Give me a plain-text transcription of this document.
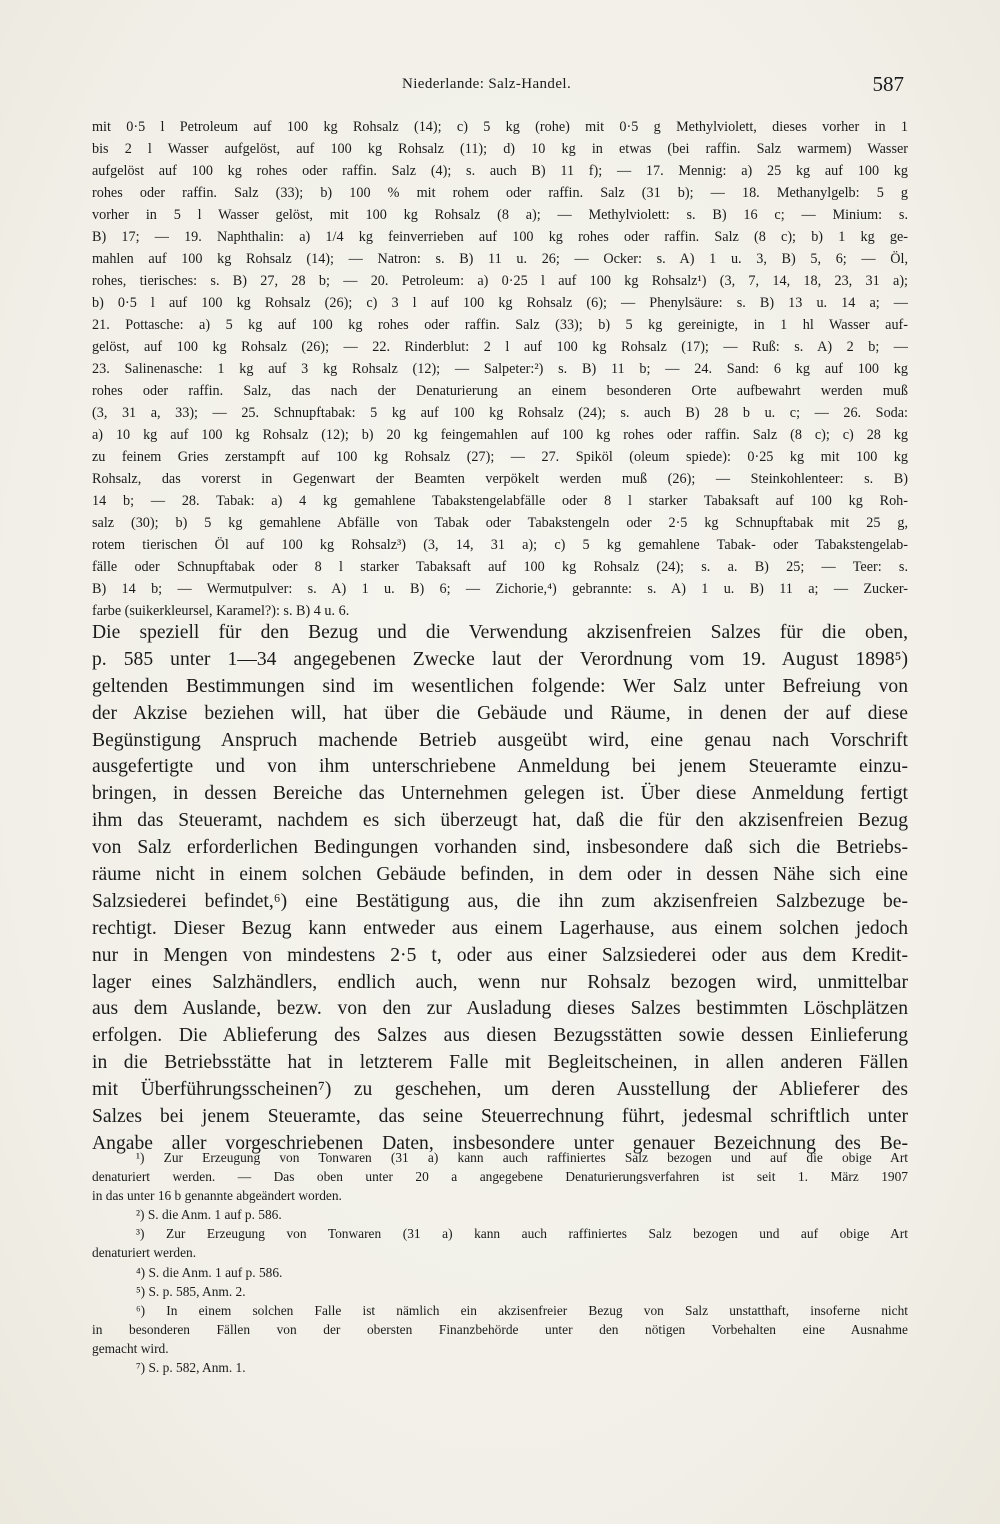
Niederlande: Salz-Handel.	587
mit 0·5 l Petroleum auf 100 kg Rohsalz (14); c) 5 kg (rohe) mit 0·5 g Methylviolett, dieses vorher in 1
bis 2 l Wasser aufgelöst, auf 100 kg Rohsalz (11); d) 10 kg in etwas (bei raffin. Salz warmem) Wasser
aufgelöst auf 100 kg rohes oder raffin. Salz (4); s. auch B) 11 f); — 17. Mennig: a) 25 kg auf 100 kg
rohes oder raffin. Salz (33); b) 100 % mit rohem oder raffin. Salz (31 b); — 18. Methanylgelb: 5 g
vorher in 5 l Wasser gelöst, mit 100 kg Rohsalz (8 a); — Methylviolett: s. B) 16 c; — Minium: s.
B) 17; — 19. Naphthalin: a) 1/4 kg feinverrieben auf 100 kg rohes oder raffin. Salz (8 c); b) 1 kg ge-
mahlen auf 100 kg Rohsalz (14); — Natron: s. B) 11 u. 26; — Ocker: s. A) 1 u. 3, B) 5, 6; — Öl,
rohes, tierisches: s. B) 27, 28 b; — 20. Petroleum: a) 0·25 l auf 100 kg Rohsalz¹) (3, 7, 14, 18, 23, 31 a);
b) 0·5 l auf 100 kg Rohsalz (26); c) 3 l auf 100 kg Rohsalz (6); — Phenylsäure: s. B) 13 u. 14 a; —
21. Pottasche: a) 5 kg auf 100 kg rohes oder raffin. Salz (33); b) 5 kg gereinigte, in 1 hl Wasser auf-
gelöst, auf 100 kg Rohsalz (26); — 22. Rinderblut: 2 l auf 100 kg Rohsalz (17); — Ruß: s. A) 2 b; —
23. Salinenasche: 1 kg auf 3 kg Rohsalz (12); — Salpeter:²) s. B) 11 b; — 24. Sand: 6 kg auf 100 kg
rohes oder raffin. Salz, das nach der Denaturierung an einem besonderen Orte aufbewahrt werden muß
(3, 31 a, 33); — 25. Schnupftabak: 5 kg auf 100 kg Rohsalz (24); s. auch B) 28 b u. c; — 26. Soda:
a) 10 kg auf 100 kg Rohsalz (12); b) 20 kg feingemahlen auf 100 kg rohes oder raffin. Salz (8 c); c) 28 kg
zu feinem Gries zerstampft auf 100 kg Rohsalz (27); — 27. Spiköl (oleum spiede): 0·25 kg mit 100 kg
Rohsalz, das vorerst in Gegenwart der Beamten verpökelt werden muß (26); — Steinkohlenteer: s. B)
14 b; — 28. Tabak: a) 4 kg gemahlene Tabakstengelabfälle oder 8 l starker Tabaksaft auf 100 kg Roh-
salz (30); b) 5 kg gemahlene Abfälle von Tabak oder Tabakstengeln oder 2·5 kg Schnupftabak mit 25 g,
rotem tierischen Öl auf 100 kg Rohsalz³) (3, 14, 31 a); c) 5 kg gemahlene Tabak- oder Tabakstengelab-
fälle oder Schnupftabak oder 8 l starker Tabaksaft auf 100 kg Rohsalz (24); s. a. B) 25; — Teer: s.
B) 14 b; — Wermutpulver: s. A) 1 u. B) 6; — Zichorie,⁴) gebrannte: s. A) 1 u. B) 11 a; — Zucker-
farbe (suikerkleursel, Karamel?): s. B) 4 u. 6.
Die speziell für den Bezug und die Verwendung akzisenfreien Salzes für die oben,
p. 585 unter 1—34 angegebenen Zwecke laut der Verordnung vom 19. August 1898⁵)
geltenden Bestimmungen sind im wesentlichen folgende: Wer Salz unter Befreiung von
der Akzise beziehen will, hat über die Gebäude und Räume, in denen der auf diese
Begünstigung Anspruch machende Betrieb ausgeübt wird, eine genau nach Vorschrift
ausgefertigte und von ihm unterschriebene Anmeldung bei jenem Steueramte einzu-
bringen, in dessen Bereiche das Unternehmen gelegen ist. Über diese Anmeldung fertigt
ihm das Steueramt, nachdem es sich überzeugt hat, daß die für den akzisenfreien Bezug
von Salz erforderlichen Bedingungen vorhanden sind, insbesondere daß sich die Betriebs-
räume nicht in einem solchen Gebäude befinden, in dem oder in dessen Nähe sich eine
Salzsiederei befindet,⁶) eine Bestätigung aus, die ihn zum akzisenfreien Salzbezuge be-
rechtigt. Dieser Bezug kann entweder aus einem Lagerhause, aus einem solchen jedoch
nur in Mengen von mindestens 2·5 t, oder aus einer Salzsiederei oder aus dem Kredit-
lager eines Salzhändlers, endlich auch, wenn nur Rohsalz bezogen wird, unmittelbar
aus dem Auslande, bezw. von den zur Ausladung dieses Salzes bestimmten Löschplätzen
erfolgen. Die Ablieferung des Salzes aus diesen Bezugsstätten sowie dessen Einlieferung
in die Betriebsstätte hat in letzterem Falle mit Begleitscheinen, in allen anderen Fällen
mit Überführungsscheinen⁷) zu geschehen, um deren Ausstellung der Ablieferer des
Salzes bei jenem Steueramte, das seine Steuerrechnung führt, jedesmal schriftlich unter
Angabe aller vorgeschriebenen Daten, insbesondere unter genauer Bezeichnung des Be-
¹) Zur Erzeugung von Tonwaren (31 a) kann auch raffiniertes Salz bezogen und auf die obige Art
denaturiert werden. — Das oben unter 20 a angegebene Denaturierungsverfahren ist seit 1. März 1907
in das unter 16 b genannte abgeändert worden.
²) S. die Anm. 1 auf p. 586.
³) Zur Erzeugung von Tonwaren (31 a) kann auch raffiniertes Salz bezogen und auf obige Art
denaturiert werden.
⁴) S. die Anm. 1 auf p. 586.
⁵) S. p. 585, Anm. 2.
⁶) In einem solchen Falle ist nämlich ein akzisenfreier Bezug von Salz unstatthaft, insoferne nicht
in besonderen Fällen von der obersten Finanzbehörde unter den nötigen Vorbehalten eine Ausnahme
gemacht wird.
⁷) S. p. 582, Anm. 1.
